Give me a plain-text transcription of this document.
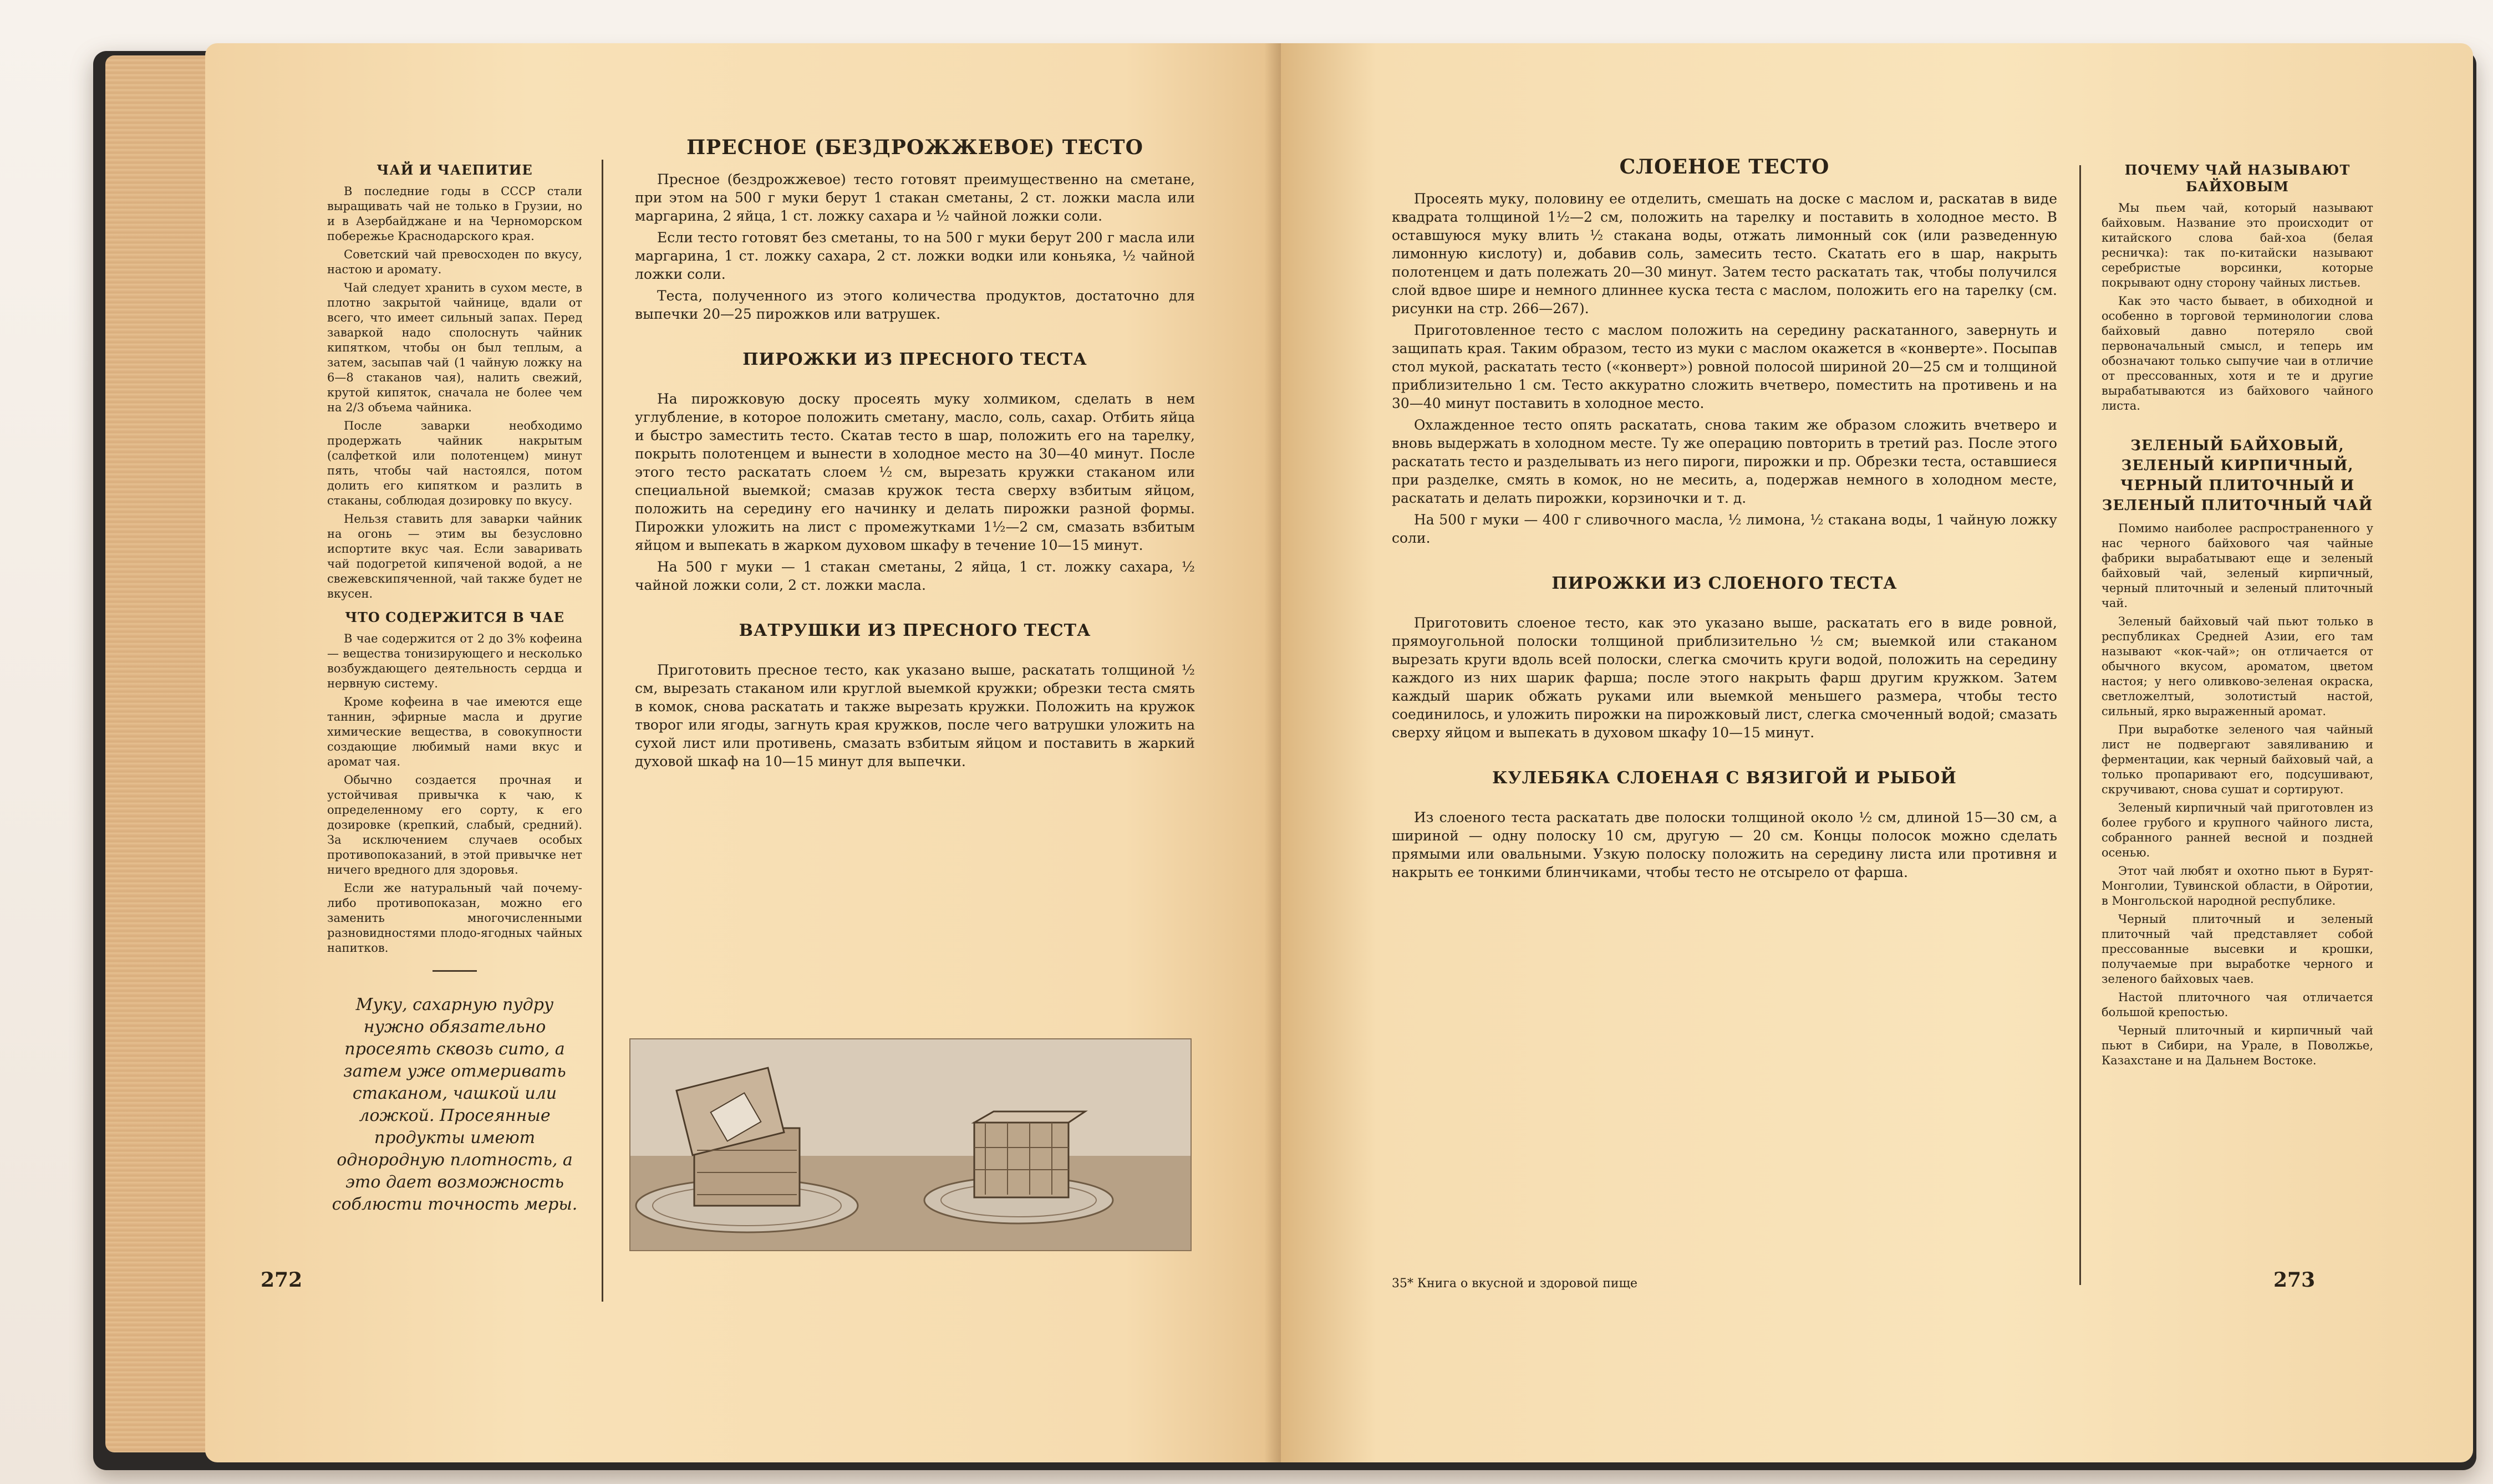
ЧАЙ И ЧАЕПИТИЕ

В последние годы в СССР стали выращивать чай не только в Грузии, но и в Азербайджане и на Черноморском побережье Краснодарского края.

Советский чай превосходен по вкусу, настою и аромату.

Чай следует хранить в сухом месте, в плотно закрытой чайнице, вдали от всего, что имеет сильный запах. Перед заваркой надо сполоснуть чайник кипятком, чтобы он был теплым, а затем, засыпав чай (1 чайную ложку на 6—8 стаканов чая), налить свежий, крутой кипяток, сначала не более чем на 2/3 объема чайника.

После заварки необходимо продержать чайник накрытым (салфеткой или полотенцем) минут пять, чтобы чай настоялся, потом долить его кипятком и разлить в стаканы, соблюдая дозировку по вкусу.

Нельзя ставить для заварки чайник на огонь — этим вы безусловно испортите вкус чая. Если заваривать чай подогретой кипяченой водой, а не свежевскипяченной, чай также будет не вкусен.

ЧТО СОДЕРЖИТСЯ В ЧАЕ

В чае содержится от 2 до 3% кофеина — вещества тонизирующего и несколько возбуждающего деятельность сердца и нервную систему.

Кроме кофеина в чае имеются еще таннин, эфирные масла и другие химические вещества, в совокупности создающие любимый нами вкус и аромат чая.

Обычно создается прочная и устойчивая привычка к чаю, к определенному его сорту, к его дозировке (крепкий, слабый, средний). За исключением случаев особых противопоказаний, в этой привычке нет ничего вредного для здоровья.

Если же натуральный чай почему-либо противопоказан, можно его заменить многочисленными разновидностями плодо-ягодных чайных напитков.

Муку, сахарную пудру нужно обязательно просеять сквозь сито, а затем уже отмеривать стаканом, чашкой или ложкой. Просеянные продукты имеют однородную плотность, а это дает возможность соблюсти точность меры.
ПРЕСНОЕ (БЕЗДРОЖЖЕВОЕ) ТЕСТО

Пресное (бездрожжевое) тесто готовят преимущественно на сметане, при этом на 500 г муки берут 1 стакан сметаны, 2 ст. ложки масла или маргарина, 2 яйца, 1 ст. ложку сахара и ½ чайной ложки соли.

Если тесто готовят без сметаны, то на 500 г муки берут 200 г масла или маргарина, 1 ст. ложку сахара, 2 ст. ложки водки или коньяка, ½ чайной ложки соли.

Теста, полученного из этого количества продуктов, достаточно для выпечки 20—25 пирожков или ватрушек.

ПИРОЖКИ ИЗ ПРЕСНОГО ТЕСТА

На пирожковую доску просеять муку холмиком, сделать в нем углубление, в которое положить сметану, масло, соль, сахар. Отбить яйца и быстро заместить тесто. Скатав тесто в шар, положить его на тарелку, покрыть полотенцем и вынести в холодное место на 30—40 минут. После этого тесто раскатать слоем ½ см, вырезать кружки стаканом или специальной выемкой; смазав кружок теста сверху взбитым яйцом, положить на середину его начинку и делать пирожки разной формы. Пирожки уложить на лист с промежутками 1½—2 см, смазать взбитым яйцом и выпекать в жарком духовом шкафу в течение 10—15 минут.

На 500 г муки — 1 стакан сметаны, 2 яйца, 1 ст. ложку сахара, ½ чайной ложки соли, 2 ст. ложки масла.

ВАТРУШКИ ИЗ ПРЕСНОГО ТЕСТА

Приготовить пресное тесто, как указано выше, раскатать толщиной ½ см, вырезать стаканом или круглой выемкой кружки; обрезки теста смять в комок, снова раскатать и также вырезать кружки. Положить на кружок творог или ягоды, загнуть края кружков, после чего ватрушки уложить на сухой лист или противень, смазать взбитым яйцом и поставить в жаркий духовой шкаф на 10—15 минут для выпечки.

272
СЛОЕНОЕ ТЕСТО

Просеять муку, половину ее отделить, смешать на доске с маслом и, раскатав в виде квадрата толщиной 1½—2 см, положить на тарелку и поставить в холодное место. В оставшуюся муку влить ½ стакана воды, отжать лимонный сок (или разведенную лимонную кислоту) и, добавив соль, замесить тесто. Скатать его в шар, накрыть полотенцем и дать полежать 20—30 минут. Затем тесто раскатать так, чтобы получился слой вдвое шире и немного длиннее куска теста с маслом, положить его на тарелку (см. рисунки на стр. 266—267).

Приготовленное тесто с маслом положить на середину раскатанного, завернуть и защипать края. Таким образом, тесто из муки с маслом окажется в «конверте». Посыпав стол мукой, раскатать тесто («конверт») ровной полосой шириной 20—25 см и толщиной приблизительно 1 см. Тесто аккуратно сложить вчетверо, поместить на противень и на 30—40 минут поставить в холодное место.

Охлажденное тесто опять раскатать, снова таким же образом сложить вчетверо и вновь выдержать в холодном месте. Ту же операцию повторить в третий раз. После этого раскатать тесто и разделывать из него пироги, пирожки и пр. Обрезки теста, оставшиеся при разделке, смять в комок, но не месить, а, подержав немного в холодном месте, раскатать и делать пирожки, корзиночки и т. д.

На 500 г муки — 400 г сливочного масла, ½ лимона, ½ стакана воды, 1 чайную ложку соли.

ПИРОЖКИ ИЗ СЛОЕНОГО ТЕСТА

Приготовить слоеное тесто, как это указано выше, раскатать его в виде ровной, прямоугольной полоски толщиной приблизительно ½ см; выемкой или стаканом вырезать круги вдоль всей полоски, слегка смочить круги водой, положить на середину каждого из них шарик фарша; после этого накрыть фарш другим кружком. Затем каждый шарик обжать руками или выемкой меньшего размера, чтобы тесто соединилось, и уложить пирожки на пирожковый лист, слегка смоченный водой; смазать сверху яйцом и выпекать в духовом шкафу 10—15 минут.

КУЛЕБЯКА СЛОЕНАЯ С ВЯЗИГОЙ И РЫБОЙ

Из слоеного теста раскатать две полоски толщиной около ½ см, длиной 15—30 см, а шириной — одну полоску 10 см, другую — 20 см. Концы полосок можно сделать прямыми или овальными. Узкую полоску положить на середину листа или противня и накрыть ее тонкими блинчиками, чтобы тесто не отсырело от фарша.

ПОЧЕМУ ЧАЙ НАЗЫВАЮТ БАЙХОВЫМ

Мы пьем чай, который называют байховым. Название это происходит от китайского слова бай-хоа (белая ресничка): так по-китайски называют серебристые ворсинки, которые покрывают одну сторону чайных листьев.

Как это часто бывает, в обиходной и особенно в торговой терминологии слова байховый давно потеряло свой первоначальный смысл, и теперь им обозначают только сыпучие чаи в отличие от прессованных, хотя и те и другие вырабатываются из байхового чайного листа.

ЗЕЛЕНЫЙ БАЙХОВЫЙ, ЗЕЛЕНЫЙ КИРПИЧНЫЙ, ЧЕРНЫЙ ПЛИТОЧНЫЙ И ЗЕЛЕНЫЙ ПЛИТОЧНЫЙ ЧАЙ

Помимо наиболее распространенного у нас черного байхового чая чайные фабрики вырабатывают еще и зеленый байховый чай, зеленый кирпичный, черный плиточный и зеленый плиточный чай.

Зеленый байховый чай пьют только в республиках Средней Азии, его там называют «кок-чай»; он отличается от обычного вкусом, ароматом, цветом настоя; у него оливково-зеленая окраска, светложелтый, золотистый настой, сильный, ярко выраженный аромат.

При выработке зеленого чая чайный лист не подвергают завяливанию и ферментации, как черный байховый чай, а только пропаривают его, подсушивают, скручивают, снова сушат и сортируют.

Зеленый кирпичный чай приготовлен из более грубого и крупного чайного листа, собранного ранней весной и поздней осенью.

Этот чай любят и охотно пьют в Бурят-Монголии, Тувинской области, в Ойротии, в Монгольской народной республике.

Черный плиточный и зеленый плиточный чай представляет собой прессованные высевки и крошки, получаемые при выработке черного и зеленого байховых чаев.

Настой плиточного чая отличается большой крепостью.

Черный плиточный и кирпичный чай пьют в Сибири, на Урале, в Поволжье, Казахстане и на Дальнем Востоке.

35* Книга о вкусной и здоровой пище	273
